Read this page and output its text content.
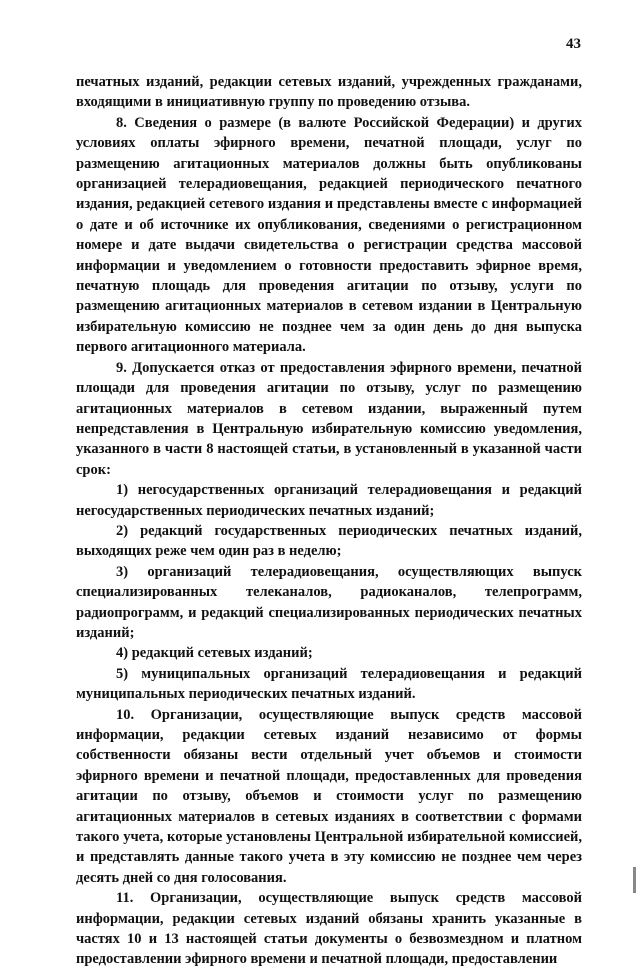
43

печатных изданий, редакции сетевых изданий, учрежденных гражданами, входящими в инициативную группу по проведению отзыва.

8. Сведения о размере (в валюте Российской Федерации) и других условиях оплаты эфирного времени, печатной площади, услуг по размещению агитационных материалов должны быть опубликованы организацией телерадиовещания, редакцией периодического печатного издания, редакцией сетевого издания и представлены вместе с информацией о дате и об источнике их опубликования, сведениями о регистрационном номере и дате выдачи свидетельства о регистрации средства массовой информации и уведомлением о готовности предоставить эфирное время, печатную площадь для проведения агитации по отзыву, услуги по размещению агитационных материалов в сетевом издании в Центральную избирательную комиссию не позднее чем за один день до дня выпуска первого агитационного материала.

9. Допускается отказ от предоставления эфирного времени, печатной площади для проведения агитации по отзыву, услуг по размещению агитационных материалов в сетевом издании, выраженный путем непредставления в Центральную избирательную комиссию уведомления, указанного в части 8 настоящей статьи, в установленный в указанной части срок:

1) негосударственных организаций телерадиовещания и редакций негосударственных периодических печатных изданий;

2) редакций государственных периодических печатных изданий, выходящих реже чем один раз в неделю;

3) организаций телерадиовещания, осуществляющих выпуск специализированных телеканалов, радиоканалов, телепрограмм, радиопрограмм, и редакций специализированных периодических печатных изданий;

4) редакций сетевых изданий;

5) муниципальных организаций телерадиовещания и редакций муниципальных периодических печатных изданий.

10. Организации, осуществляющие выпуск средств массовой информации, редакции сетевых изданий независимо от формы собственности обязаны вести отдельный учет объемов и стоимости эфирного времени и печатной площади, предоставленных для проведения агитации по отзыву, объемов и стоимости услуг по размещению агитационных материалов в сетевых изданиях в соответствии с формами такого учета, которые установлены Центральной избирательной комиссией, и представлять данные такого учета в эту комиссию не позднее чем через десять дней со дня голосования.

11. Организации, осуществляющие выпуск средств массовой информации, редакции сетевых изданий обязаны хранить указанные в частях 10 и 13 настоящей статьи документы о безвозмездном и платном предоставлении эфирного времени и печатной площади, предоставлении
